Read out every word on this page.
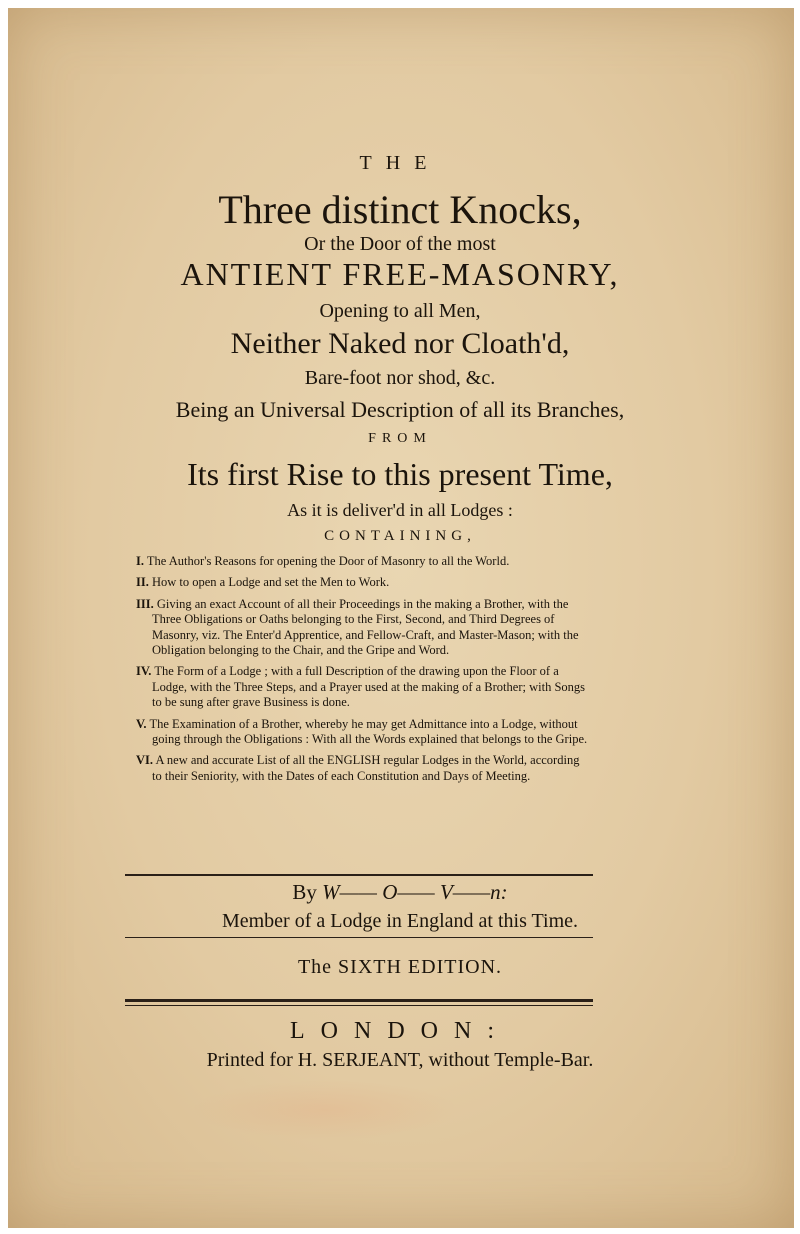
THE
Three distinct Knocks,
Or the Door of the most
ANTIENT FREE-MASONRY,
Opening to all Men,
Neither Naked nor Cloath'd,
Bare-foot nor shod, &c.
Being an Universal Description of all its Branches,
FROM
Its first Rise to this present Time,
As it is deliver'd in all Lodges :
CONTAINING,
I. The Author's Reasons for opening the Door of Masonry to all the World.
II. How to open a Lodge and set the Men to Work.
III. Giving an exact Account of all their Proceedings in the making a Brother, with the Three Obligations or Oaths belonging to the First, Second, and Third Degrees of Masonry, viz. The Enter'd Apprentice, and Fellow-Craft, and Master-Mason; with the Obligation belonging to the Chair, and the Gripe and Word.
IV. The Form of a Lodge ; with a full Description of the drawing upon the Floor of a Lodge, with the Three Steps, and a Prayer used at the making of a Brother; with Songs to be sung after grave Business is done.
V. The Examination of a Brother, whereby he may get Admittance into a Lodge, without going through the Obligations : With all the Words explained that belongs to the Gripe.
VI. A new and accurate List of all the ENGLISH regular Lodges in the World, according to their Seniority, with the Dates of each Constitution and Days of Meeting.
By W—— O—— V——n:
Member of a Lodge in England at this Time.
The SIXTH EDITION.
LONDON:
Printed for H. SERJEANT, without Temple-Bar.
